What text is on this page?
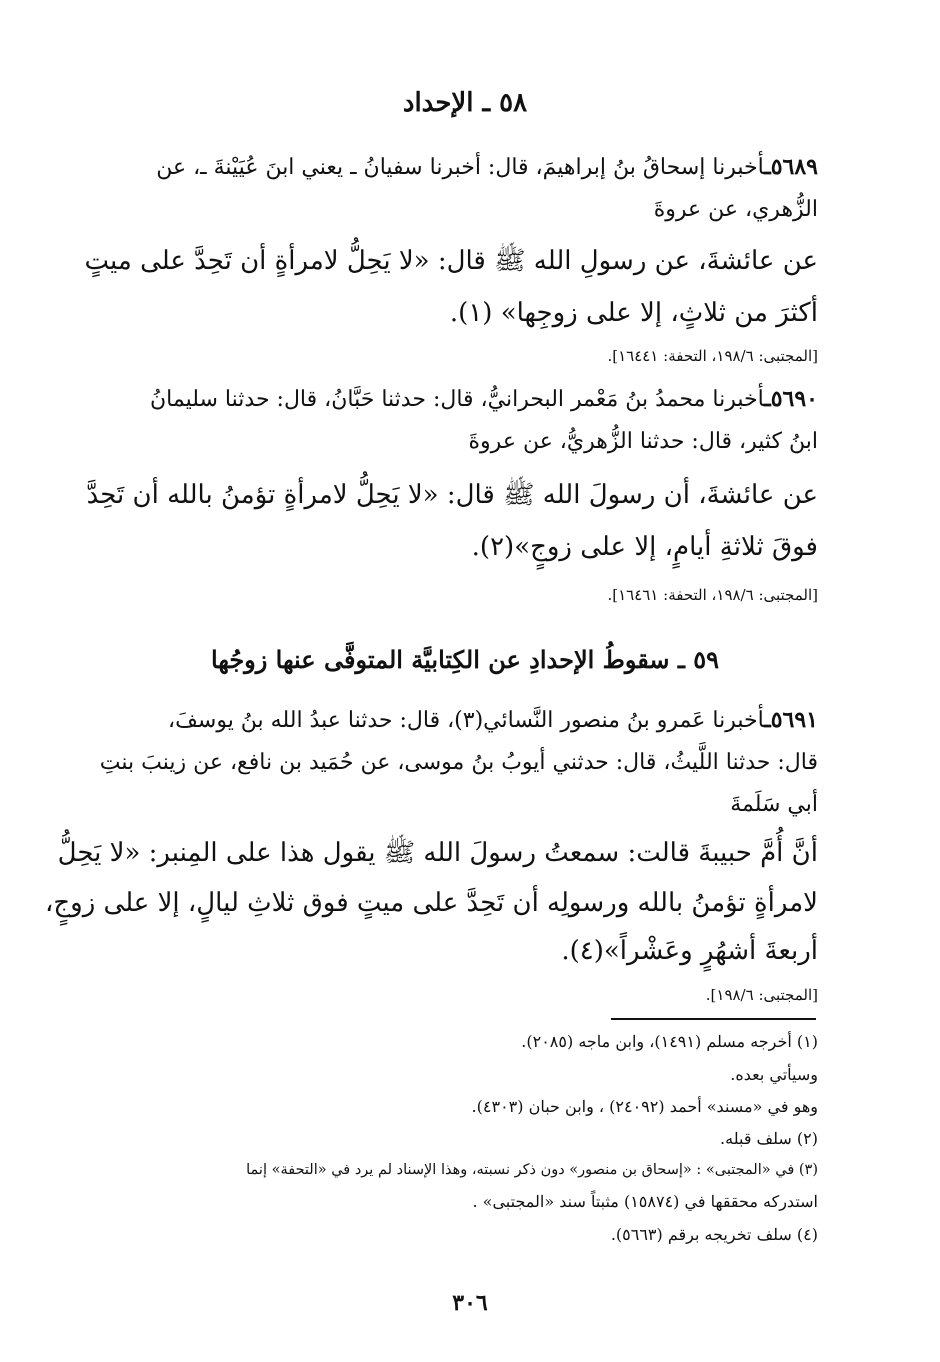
٥٨ ـ الإحداد
٥٦٨٩ـأخبرنا إسحاقُ بنُ إبراهيمَ، قال: أخبرنا سفيانُ ـ يعني ابنَ عُيَيْنةَ ـ، عن
الزُّهري، عن عروةَ
عن عائشةَ، عن رسولِ الله ﷺ قال: «لا يَحِلُّ لامرأةٍ أن تَحِدَّ على ميتٍ
أكثرَ من ثلاثٍ، إلا على زوجِها» (١).
[المجتبى: ١٩٨/٦، التحفة: ١٦٤٤١].
٥٦٩٠ـأخبرنا محمدُ بنُ مَعْمر البحرانيُّ، قال: حدثنا حَبَّانُ، قال: حدثنا سليمانُ
ابنُ كثير، قال: حدثنا الزُّهريُّ، عن عروةَ
عن عائشةَ، أن رسولَ الله ﷺ قال: «لا يَحِلُّ لامرأةٍ تؤمنُ بالله أن تَحِدَّ
فوقَ ثلاثةِ أيامٍ، إلا على زوجٍ»(٢).
[المجتبى: ١٩٨/٦، التحفة: ١٦٤٦١].
٥٩ ـ سقوطُ الإحدادِ عن الكِتابيَّة المتوفَّى عنها زوجُها
٥٦٩١ـأخبرنا عَمرو بنُ منصور النَّسائي(٣)، قال: حدثنا عبدُ الله بنُ يوسفَ،
قال: حدثنا اللَّيثُ، قال: حدثني أيوبُ بنُ موسى، عن حُمَيد بن نافع، عن زينبَ بنتِ
أبي سَلَمةَ
أنَّ أُمَّ حبيبةَ قالت: سمعتُ رسولَ الله ﷺ يقول هذا على المِنبر: «لا يَحِلُّ
لامرأةٍ تؤمنُ بالله ورسولِه أن تَحِدَّ على ميتٍ فوق ثلاثِ ليالٍ، إلا على زوجٍ،
أربعةَ أشهُرٍ وعَشْراً»(٤).
[المجتبى: ١٩٨/٦].
(١) أخرجه مسلم (١٤٩١)، وابن ماجه (٢٠٨٥).
وسيأتي بعده.
وهو في «مسند» أحمد (٢٤٠٩٢) ، وابن حبان (٤٣٠٣).
(٢) سلف قبله.
(٣) في «المجتبى» : «إسحاق بن منصور» دون ذكر نسبته، وهذا الإسناد لم يرد في «التحفة» إنما
استدركه محققها في (١٥٨٧٤) مثبتاً سند «المجتبى» .
(٤) سلف تخريجه برقم (٥٦٦٣).
٣٠٦
